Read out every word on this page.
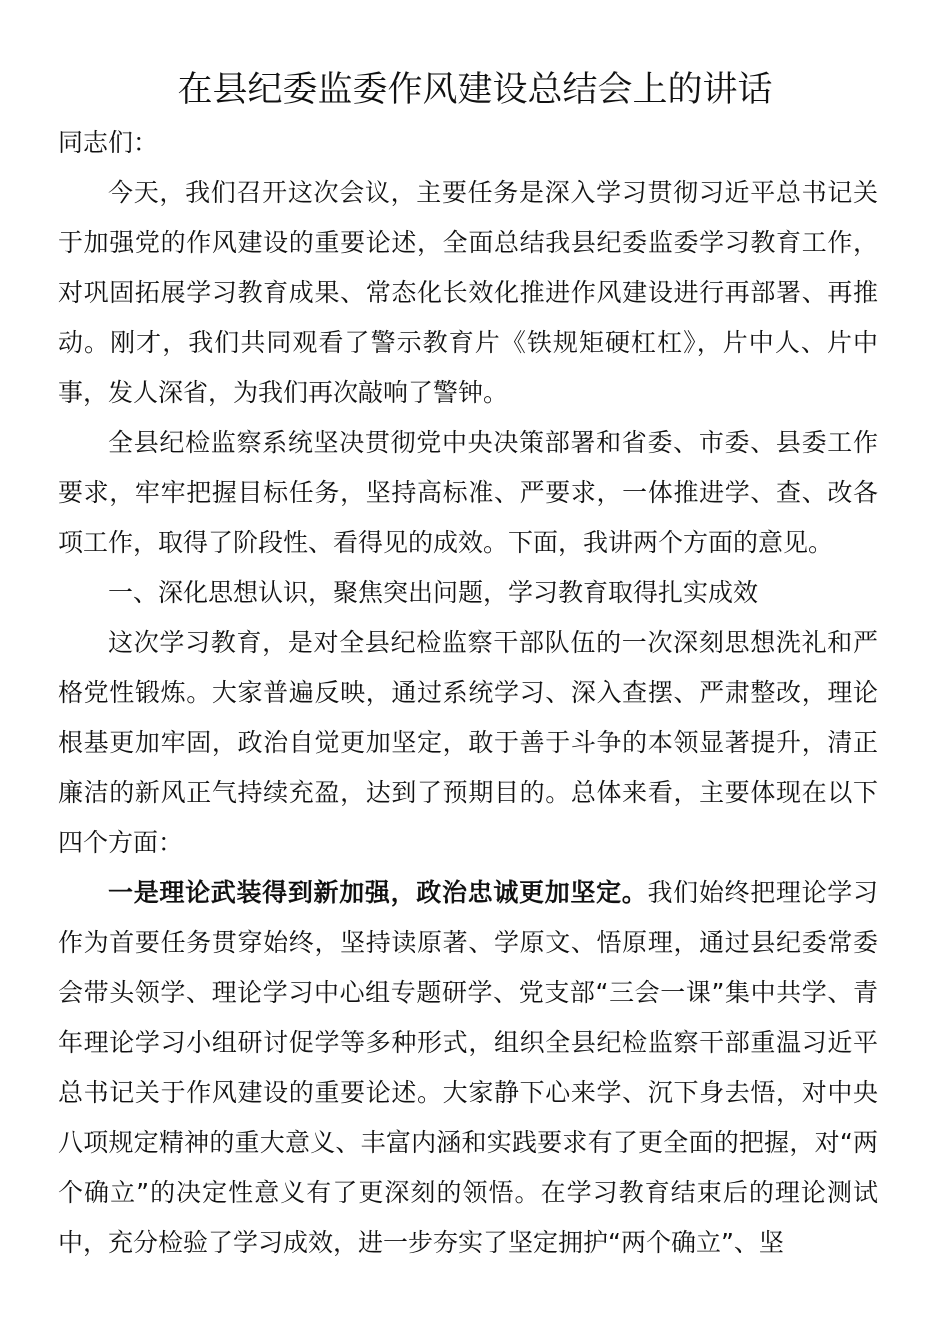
在县纪委监委作风建设总结会上的讲话

同志们：

今天，我们召开这次会议，主要任务是深入学习贯彻习近平总书记关于加强党的作风建设的重要论述，全面总结我县纪委监委学习教育工作，对巩固拓展学习教育成果、常态化长效化推进作风建设进行再部署、再推动。刚才，我们共同观看了警示教育片《铁规矩硬杠杠》，片中人、片中事，发人深省，为我们再次敲响了警钟。

全县纪检监察系统坚决贯彻党中央决策部署和省委、市委、县委工作要求，牢牢把握目标任务，坚持高标准、严要求，一体推进学、查、改各项工作，取得了阶段性、看得见的成效。下面，我讲两个方面的意见。

一、深化思想认识，聚焦突出问题，学习教育取得扎实成效

这次学习教育，是对全县纪检监察干部队伍的一次深刻思想洗礼和严格党性锻炼。大家普遍反映，通过系统学习、深入查摆、严肃整改，理论根基更加牢固，政治自觉更加坚定，敢于善于斗争的本领显著提升，清正廉洁的新风正气持续充盈，达到了预期目的。总体来看，主要体现在以下四个方面：

一是理论武装得到新加强，政治忠诚更加坚定。我们始终把理论学习作为首要任务贯穿始终，坚持读原著、学原文、悟原理，通过县纪委常委会带头领学、理论学习中心组专题研学、党支部“三会一课”集中共学、青年理论学习小组研讨促学等多种形式，组织全县纪检监察干部重温习近平总书记关于作风建设的重要论述。大家静下心来学、沉下身去悟，对中央八项规定精神的重大意义、丰富内涵和实践要求有了更全面的把握，对“两个确立”的决定性意义有了更深刻的领悟。在学习教育结束后的理论测试中，充分检验了学习成效，进一步夯实了坚定拥护“两个确立”、坚
